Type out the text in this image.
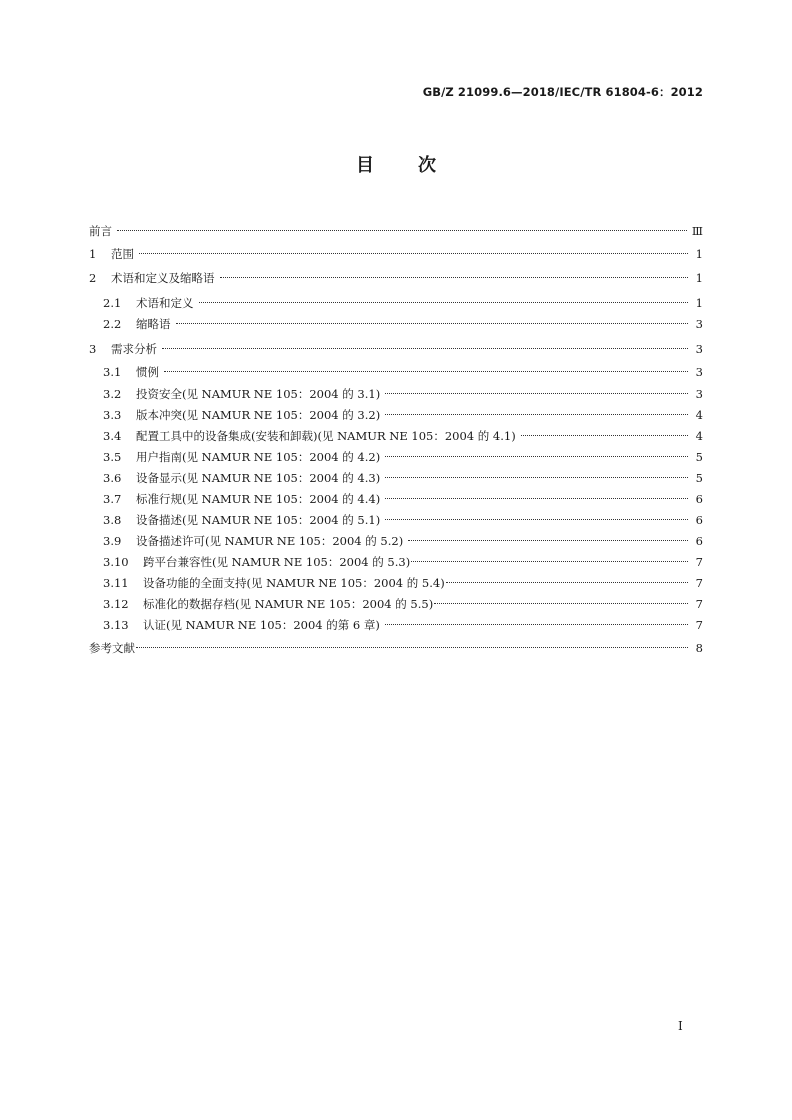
GB/Z 21099.6—2018/IEC/TR 61804-6：2012
目次
前言	Ⅲ
1	范围	1
2	术语和定义及缩略语	1
2.1	术语和定义	1
2.2	缩略语	3
3	需求分析	3
3.1	惯例	3
3.2	投资安全(见 NAMUR NE 105：2004 的 3.1)	3
3.3	版本冲突(见 NAMUR NE 105：2004 的 3.2)	4
3.4	配置工具中的设备集成(安装和卸载)(见 NAMUR NE 105：2004 的 4.1)	4
3.5	用户指南(见 NAMUR NE 105：2004 的 4.2)	5
3.6	设备显示(见 NAMUR NE 105：2004 的 4.3)	5
3.7	标准行规(见 NAMUR NE 105：2004 的 4.4)	6
3.8	设备描述(见 NAMUR NE 105：2004 的 5.1)	6
3.9	设备描述许可(见 NAMUR NE 105：2004 的 5.2)	6
3.10	跨平台兼容性(见 NAMUR NE 105：2004 的 5.3)	7
3.11	设备功能的全面支持(见 NAMUR NE 105：2004 的 5.4)	7
3.12	标准化的数据存档(见 NAMUR NE 105：2004 的 5.5)	7
3.13	认证(见 NAMUR NE 105：2004 的第 6 章)	7
参考文献	8
Ⅰ
